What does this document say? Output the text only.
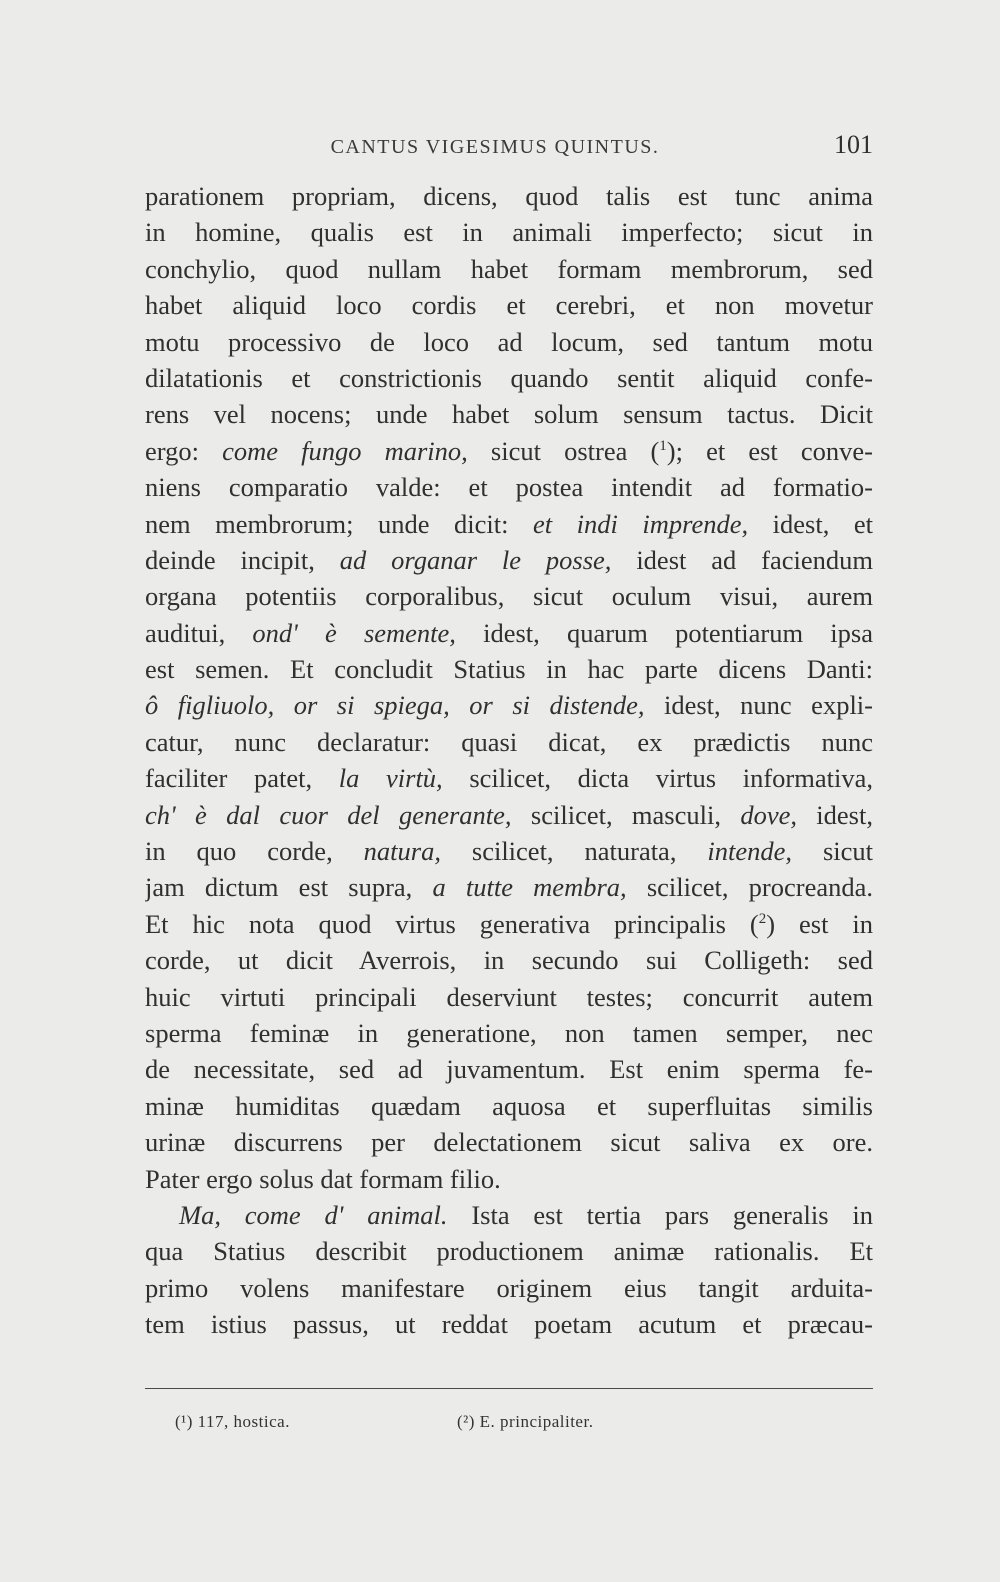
CANTUS VIGESIMUS QUINTUS.	101
parationem propriam, dicens, quod talis est tunc anima
in homine, qualis est in animali imperfecto; sicut in
conchylio, quod nullam habet formam membrorum, sed
habet aliquid loco cordis et cerebri, et non movetur
motu processivo de loco ad locum, sed tantum motu
dilatationis et constrictionis quando sentit aliquid confe-
rens vel nocens; unde habet solum sensum tactus. Dicit
ergo: come fungo marino, sicut ostrea ($^1$); et est conve-
niens comparatio valde: et postea intendit ad formatio-
nem membrorum; unde dicit: et indi imprende, idest, et
deinde incipit, ad organar le posse, idest ad faciendum
organa potentiis corporalibus, sicut oculum visui, aurem
auditui, ond' è semente, idest, quarum potentiarum ipsa
est semen. Et concludit Statius in hac parte dicens Danti:
ô figliuolo, or si spiega, or si distende, idest, nunc expli-
catur, nunc declaratur: quasi dicat, ex prædictis nunc
faciliter patet, la virtù, scilicet, dicta virtus informativa,
ch' è dal cuor del generante, scilicet, masculi, dove, idest,
in quo corde, natura, scilicet, naturata, intende, sicut
jam dictum est supra, a tutte membra, scilicet, procreanda.
Et hic nota quod virtus generativa principalis ($^2$) est in
corde, ut dicit Averrois, in secundo sui Colligeth: sed
huic virtuti principali deserviunt testes; concurrit autem
sperma feminæ in generatione, non tamen semper, nec
de necessitate, sed ad juvamentum. Est enim sperma fe-
minæ humiditas quædam aquosa et superfluitas similis
urinæ discurrens per delectationem sicut saliva ex ore.
Pater ergo solus dat formam filio.
Ma, come d' animal. Ista est tertia pars generalis in
qua Statius describit productionem animæ rationalis. Et
primo volens manifestare originem eius tangit arduita-
tem istius passus, ut reddat poetam acutum et præcau-
(¹) 117, hostica.	(²) E. principaliter.
